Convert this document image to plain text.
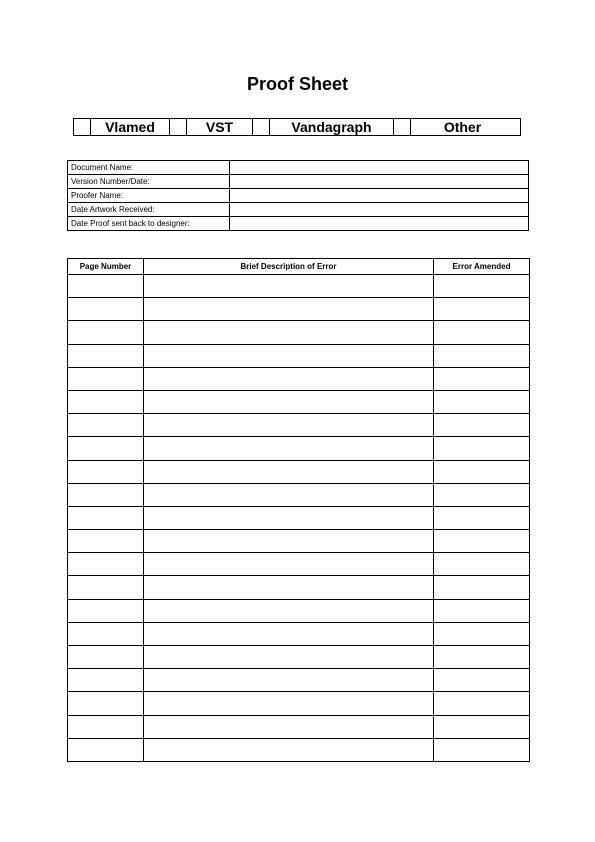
Proof Sheet
Vlamed	VST	Vandagraph	Other
Document Name:	
Version Number/Date:	
Proofer Name:	
Date Artwork Received:	
Date Proof sent back to designer:	
Page Number	Brief Description of Error	Error Amended
